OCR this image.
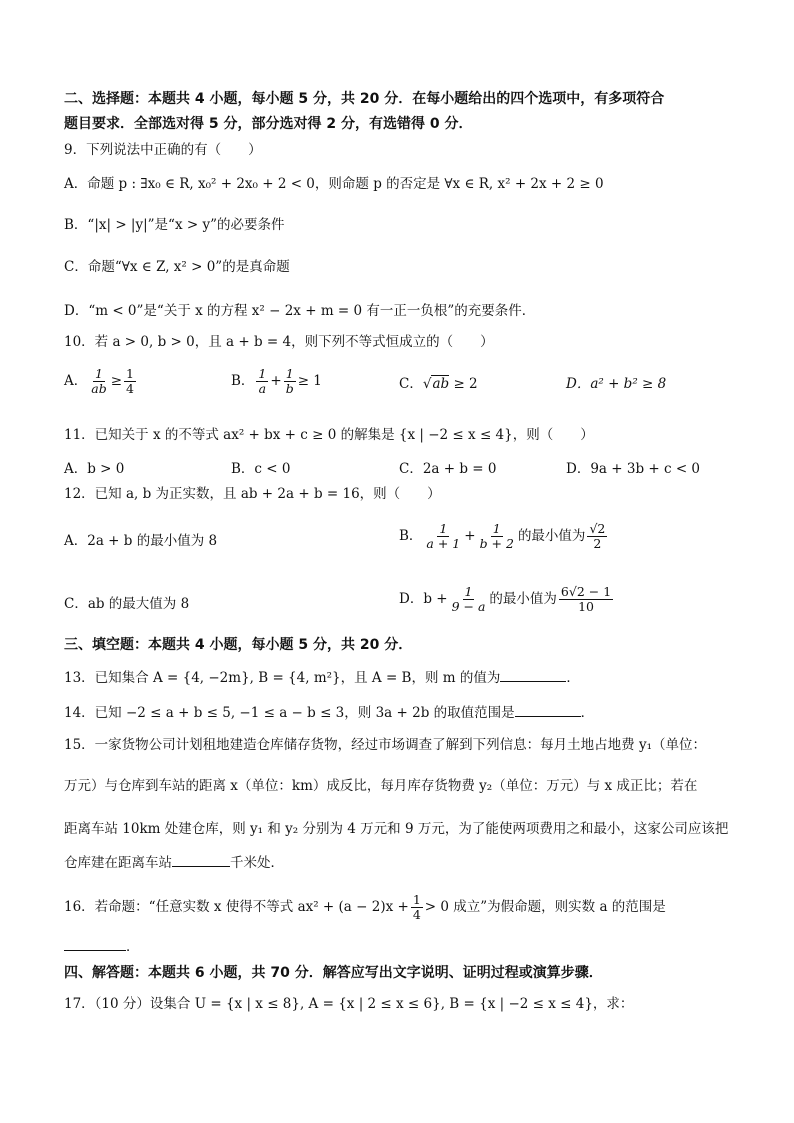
二、选择题：本题共 4 小题，每小题 5 分，共 20 分．在每小题给出的四个选项中，有多项符合
题目要求．全部选对得 5 分，部分选对得 2 分，有选错得 0 分．
9．下列说法中正确的有（　　）
A．命题 p : ∃x₀ ∈ R, x₀² + 2x₀ + 2 < 0，则命题 p 的否定是 ∀x ∈ R, x² + 2x + 2 ≥ 0
B．“|x| > |y|”是“x > y”的必要条件
C．命题“∀x ∈ Z, x² > 0”的是真命题
D．“m < 0”是“关于 x 的方程 x² − 2x + m = 0 有一正一负根”的充要条件．
10．若 a > 0, b > 0，且 a + b = 4，则下列不等式恒成立的（　　）
A． $\frac{1}{ab} \ge \frac{1}{4}$	B． $\frac{1}{a} + \frac{1}{b} \ge 1$	C．√ab ≥ 2	D．a² + b² ≥ 8
11．已知关于 x 的不等式 ax² + bx + c ≥ 0 的解集是 {x | −2 ≤ x ≤ 4}，则（　　）
A．b > 0	B．c < 0	C．2a + b = 0	D．9a + 3b + c < 0
12．已知 a, b 为正实数，且 ab + 2a + b = 16，则（　　）
A．2a + b 的最小值为 8	B． $\frac{1}{a + 1} + \frac{1}{b + 2}$ 的最小值为 $\frac{√2}{2}$
C．ab 的最大值为 8	D．$b + \frac{1}{9 - a}$ 的最小值为 $\frac{6√2 - 1}{10}$
三、填空题：本题共 4 小题，每小题 5 分，共 20 分．
13．已知集合 A = {4, −2m}, B = {4, m²}，且 A = B，则 m 的值为	．
14．已知 −2 ≤ a + b ≤ 5, −1 ≤ a − b ≤ 3，则 3a + 2b 的取值范围是	．
15．一家货物公司计划租地建造仓库储存货物，经过市场调查了解到下列信息：每月土地占地费 y₁（单位：
万元）与仓库到车站的距离 x（单位：km）成反比，每月库存货物费 y₂（单位：万元）与 x 成正比；若在
距离车站 10km 处建仓库，则 y₁ 和 y₂ 分别为 4 万元和 9 万元，为了能使两项费用之和最小，这家公司应该把
仓库建在距离车站	千米处．
16．若命题：“任意实数 x 使得不等式 $ax^2 + (a - 2)x + \frac{1}{4} > 0$ 成立”为假命题，则实数 a 的范围是
．
四、解答题：本题共 6 小题，共 70 分．解答应写出文字说明、证明过程或演算步骤．
17．（10 分）设集合 U = {x | x ≤ 8}, A = {x | 2 ≤ x ≤ 6}, B = {x | −2 ≤ x ≤ 4}，求：
